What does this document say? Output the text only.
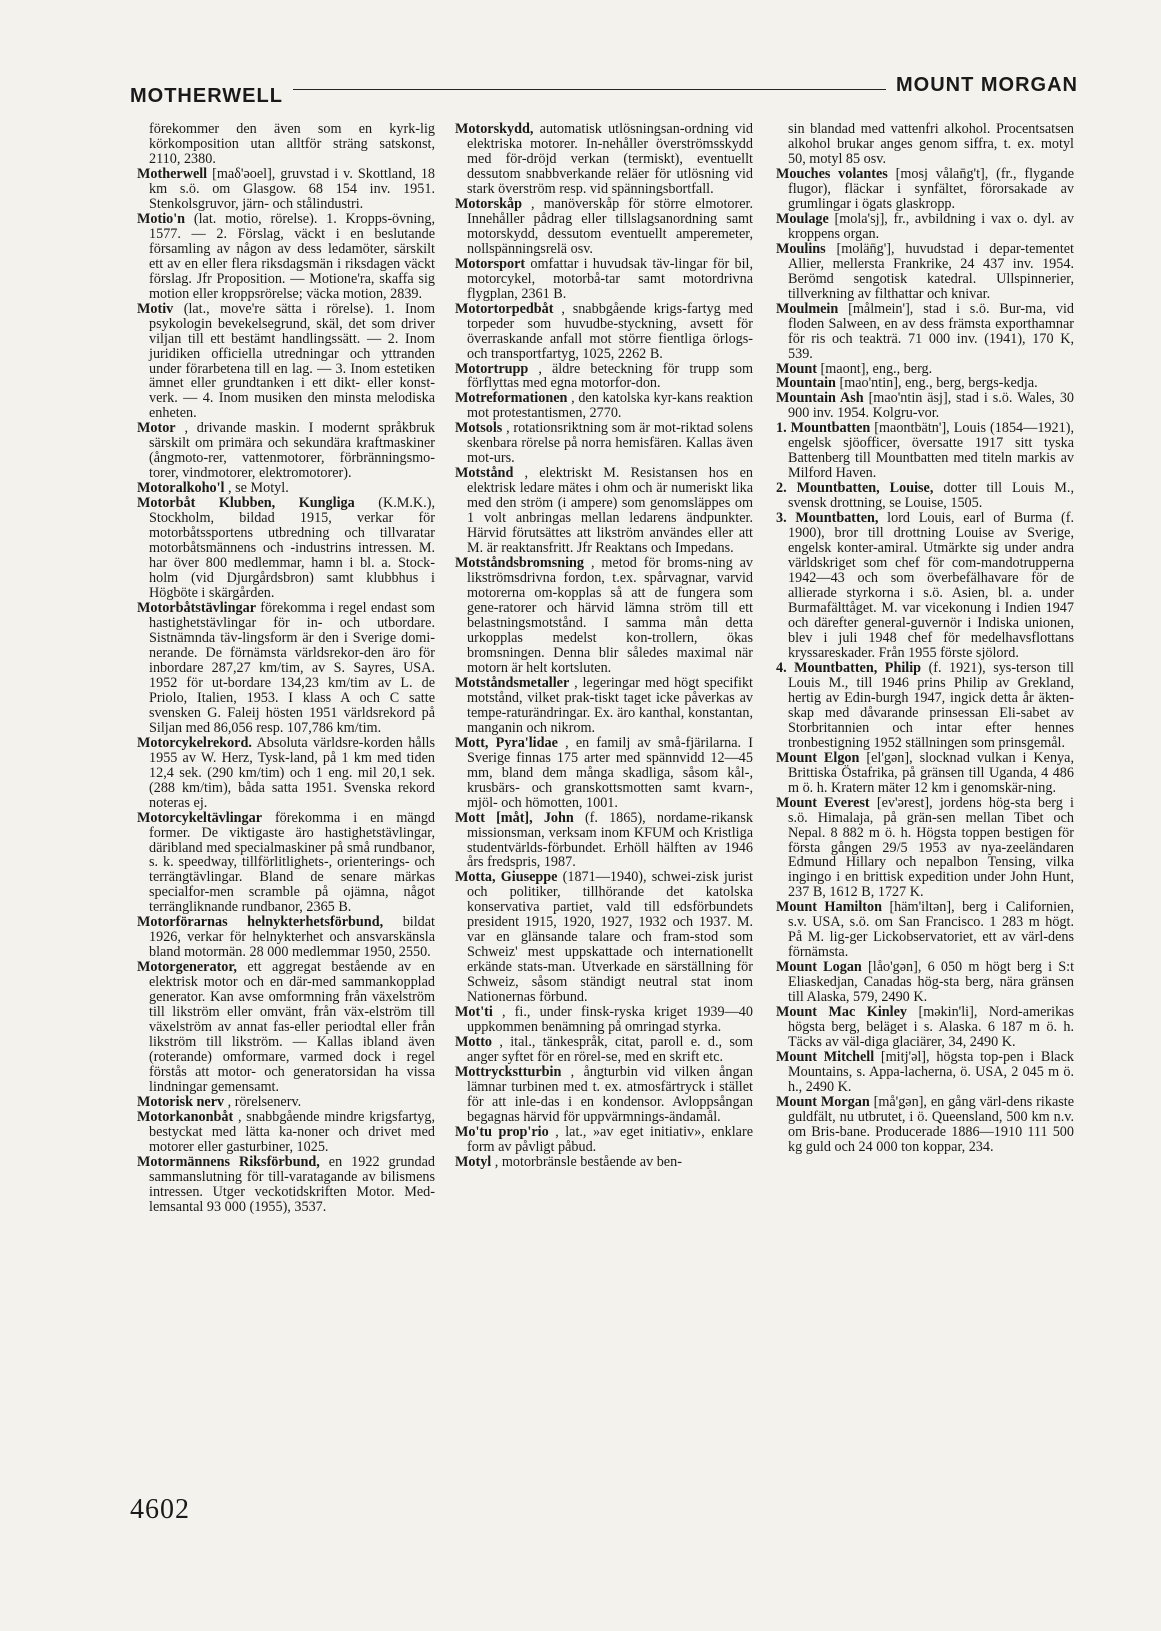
MOTHERWELL	MOUNT MORGAN

förekommer den även som en kyrk-lig körkomposition utan alltför sträng satskonst, 2110, 2380.

Motherwell [maδ'əoel], gruvstad i v. Skottland, 18 km s.ö. om Glasgow. 68 154 inv. 1951. Stenkolsgruvor, järn- och stålindustri.

Motio'n (lat. motio, rörelse). 1. Kropps-övning, 1577. — 2. Förslag, väckt i en beslutande församling av någon av dess ledamöter, särskilt ett av en eller flera riksdagsmän i riksdagen väckt förslag. Jfr Proposition. — Motione'ra, skaffa sig motion eller kroppsrörelse; väcka motion, 2839.

Motiv (lat., move're sätta i rörelse). 1. Inom psykologin bevekelsegrund, skäl, det som driver viljan till ett bestämt handlingssätt. — 2. Inom juridiken officiella utredningar och yttranden under förarbetena till en lag. — 3. Inom estetiken ämnet eller grundtanken i ett dikt- eller konst-verk. — 4. Inom musiken den minsta melodiska enheten.

Motor , drivande maskin. I modernt språkbruk särskilt om primära och sekundära kraftmaskiner (ångmoto-rer, vattenmotorer, förbränningsmo-torer, vindmotorer, elektromotorer).

Motoralkoho'l , se Motyl.

Motorbåt Klubben, Kungliga (K.M.K.), Stockholm, bildad 1915, verkar för motorbåtssportens utbredning och tillvaratar motorbåtsmännens och -industrins intressen. M. har över 800 medlemmar, hamn i bl. a. Stock-holm (vid Djurgårdsbron) samt klubbhus i Högböte i skärgården.

Motorbåtstävlingar förekomma i regel endast som hastighetstävlingar för in- och utbordare. Sistnämnda täv-lingsform är den i Sverige domi-nerande. De förnämsta världsrekor-den äro för inbordare 287,27 km/tim, av S. Sayres, USA. 1952 för ut-bordare 134,23 km/tim av L. de Priolo, Italien, 1953. I klass A och C satte svensken G. Faleij hösten 1951 världsrekord på Siljan med 86,056 resp. 107,786 km/tim.

Motorcykelrekord. Absoluta världsre-korden hålls 1955 av W. Herz, Tysk-land, på 1 km med tiden 12,4 sek. (290 km/tim) och 1 eng. mil 20,1 sek. (288 km/tim), båda satta 1951. Svenska rekord noteras ej.

Motorcykeltävlingar förekomma i en mängd former. De viktigaste äro hastighetstävlingar, däribland med specialmaskiner på små rundbanor, s. k. speedway, tillförlitlighets-, orienterings- och terrängtävlingar. Bland de senare märkas specialfor-men scramble på ojämna, något terrängliknande rundbanor, 2365 B.

Motorförarnas helnykterhetsförbund, bildat 1926, verkar för helnykterhet och ansvarskänsla bland motormän. 28 000 medlemmar 1950, 2550.

Motorgenerator, ett aggregat bestående av en elektrisk motor och en där-med sammankopplad generator. Kan avse omformning från växelström till likström eller omvänt, från väx-elström till växelström av annat fas-eller periodtal eller från likström till likström. — Kallas ibland även (roterande) omformare, varmed dock i regel förstås att motor- och generatorsidan ha vissa lindningar gemensamt.

Motorisk nerv , rörelsenerv.

Motorkanonbåt , snabbgående mindre krigsfartyg, bestyckat med lätta ka-noner och drivet med motorer eller gasturbiner, 1025.

Motormännens Riksförbund, en 1922 grundad sammanslutning för till-varatagande av bilismens intressen. Utger veckotidskriften Motor. Med-lemsantal 93 000 (1955), 3537.

Motorskydd, automatisk utlösningsan-ordning vid elektriska motorer. In-nehåller överströmsskydd med för-dröjd verkan (termiskt), eventuellt dessutom snabbverkande reläer för utlösning vid stark överström resp. vid spänningsbortfall.

Motorskåp , manöverskåp för större elmotorer. Innehåller pådrag eller tillslagsanordning samt motorskydd, dessutom eventuellt amperemeter, nollspänningsrelä osv.

Motorsport omfattar i huvudsak täv-lingar för bil, motorcykel, motorbå-tar samt motordrivna flygplan, 2361 B.

Motortorpedbåt , snabbgående krigs-fartyg med torpeder som huvudbe-styckning, avsett för överraskande anfall mot större fientliga örlogs-och transportfartyg, 1025, 2262 B.

Motortrupp , äldre beteckning för trupp som förflyttas med egna motorfor-don.

Motreformationen , den katolska kyr-kans reaktion mot protestantismen, 2770.

Motsols , rotationsriktning som är mot-riktad solens skenbara rörelse på norra hemisfären. Kallas även mot-urs.

Motstånd , elektriskt M. Resistansen hos en elektrisk ledare mätes i ohm och är numeriskt lika med den ström (i ampere) som genomsläppes om 1 volt anbringas mellan ledarens ändpunkter. Härvid förutsättes att likström användes eller att M. är reaktansfritt. Jfr Reaktans och Impedans.

Motståndsbromsning , metod för broms-ning av likströmsdrivna fordon, t.ex. spårvagnar, varvid motorerna om-kopplas så att de fungera som gene-ratorer och härvid lämna ström till ett belastningsmotstånd. I samma mån detta urkopplas medelst kon-trollern, ökas bromsningen. Denna blir således maximal när motorn är helt kortsluten.

Motståndsmetaller , legeringar med högt specifikt motstånd, vilket prak-tiskt taget icke påverkas av tempe-raturändringar. Ex. äro kanthal, konstantan, manganin och nikrom.

Mott, Pyra'lidae , en familj av små-fjärilarna. I Sverige finnas 175 arter med spännvidd 12—45 mm, bland dem många skadliga, såsom kål-, krusbärs- och granskottsmotten samt kvarn-, mjöl- och hömotten, 1001.

Mott [måt], John (f. 1865), nordame-rikansk missionsman, verksam inom KFUM och Kristliga studentvärlds-förbundet. Erhöll hälften av 1946 års fredspris, 1987.

Motta, Giuseppe (1871—1940), schwei-zisk jurist och politiker, tillhörande det katolska konservativa partiet, vald till edsförbundets president 1915, 1920, 1927, 1932 och 1937. M. var en glänsande talare och fram-stod som Schweiz' mest uppskattade och internationellt erkände stats-man. Utverkade en särställning för Schweiz, såsom ständigt neutral stat inom Nationernas förbund.

Mot'ti , fi., under finsk-ryska kriget 1939—40 uppkommen benämning på omringad styrka.

Motto , ital., tänkespråk, citat, paroll e. d., som anger syftet för en rörel-se, med en skrift etc.

Mottryckstturbin , ångturbin vid vilken ångan lämnar turbinen med t. ex. atmosfärtryck i stället för att inle-das i en kondensor. Avloppsångan begagnas härvid för uppvärmnings-ändamål.

Mo'tu prop'rio , lat., »av eget initiativ», enklare form av påvligt påbud.

Motyl , motorbränsle bestående av ben-

sin blandad med vattenfri alkohol. Procentsatsen alkohol brukar anges genom siffra, t. ex. motyl 50, motyl 85 osv.

Mouches volantes [mosj vålan̄g't], (fr., flygande flugor), fläckar i synfältet, förorsakade av grumlingar i ögats glaskropp.

Moulage [mola'sj], fr., avbildning i vax o. dyl. av kroppens organ.

Moulins [molän̄g'], huvudstad i depar-tementet Allier, mellersta Frankrike, 24 437 inv. 1954. Berömd sengotisk katedral. Ullspinnerier, tillverkning av filthattar och knivar.

Moulmein [målmein'], stad i s.ö. Bur-ma, vid floden Salween, en av dess främsta exporthamnar för ris och teakträ. 71 000 inv. (1941), 170 K, 539.

Mount [maont], eng., berg.

Mountain [mao'ntin], eng., berg, bergs-kedja.

Mountain Ash [mao'ntin äsj], stad i s.ö. Wales, 30 900 inv. 1954. Kolgru-vor.

1. Mountbatten [maontbätn'], Louis (1854—1921), engelsk sjöofficer, översatte 1917 sitt tyska Battenberg till Mountbatten med titeln markis av Milford Haven.

2. Mountbatten, Louise, dotter till Louis M., svensk drottning, se Louise, 1505.

3. Mountbatten, lord Louis, earl of Burma (f. 1900), bror till drottning Louise av Sverige, engelsk konter-amiral. Utmärkte sig under andra världskriget som chef för com-mandotrupperna 1942—43 och som överbefälhavare för de allierade styrkorna i s.ö. Asien, bl. a. under Burmafälttåget. M. var vicekonung i Indien 1947 och därefter general-guvernör i Indiska unionen, blev i juli 1948 chef för medelhavsflottans kryssareskader. Från 1955 förste sjölord.

4. Mountbatten, Philip (f. 1921), sys-terson till Louis M., till 1946 prins Philip av Grekland, hertig av Edin-burgh 1947, ingick detta år äkten-skap med dåvarande prinsessan Eli-sabet av Storbritannien och intar efter hennes tronbestigning 1952 ställningen som prinsgemål.

Mount Elgon [el'gən], slocknad vulkan i Kenya, Brittiska Östafrika, på gränsen till Uganda, 4 486 m ö. h. Kratern mäter 12 km i genomskär-ning.

Mount Everest [ev'ərest], jordens hög-sta berg i s.ö. Himalaja, på grän-sen mellan Tibet och Nepal. 8 882 m ö. h. Högsta toppen bestigen för första gången 29/5 1953 av nya-zeeländaren Edmund Hillary och nepalbon Tensing, vilka ingingo i en brittisk expedition under John Hunt, 237 B, 1612 B, 1727 K.

Mount Hamilton [häm'iltən], berg i Californien, s.v. USA, s.ö. om San Francisco. 1 283 m högt. På M. lig-ger Lickobservatoriet, ett av värl-dens förnämsta.

Mount Logan [låo'gən], 6 050 m högt berg i S:t Eliaskedjan, Canadas hög-sta berg, nära gränsen till Alaska, 579, 2490 K.

Mount Mac Kinley [məkin'li], Nord-amerikas högsta berg, beläget i s. Alaska. 6 187 m ö. h. Täcks av väl-diga glaciärer, 34, 2490 K.

Mount Mitchell [mitj'əl], högsta top-pen i Black Mountains, s. Appa-lacherna, ö. USA, 2 045 m ö. h., 2490 K.

Mount Morgan [må'gən], en gång värl-dens rikaste guldfält, nu utbrutet, i ö. Queensland, 500 km n.v. om Bris-bane. Producerade 1886—1910 111 500 kg guld och 24 000 ton koppar, 234.

4602
